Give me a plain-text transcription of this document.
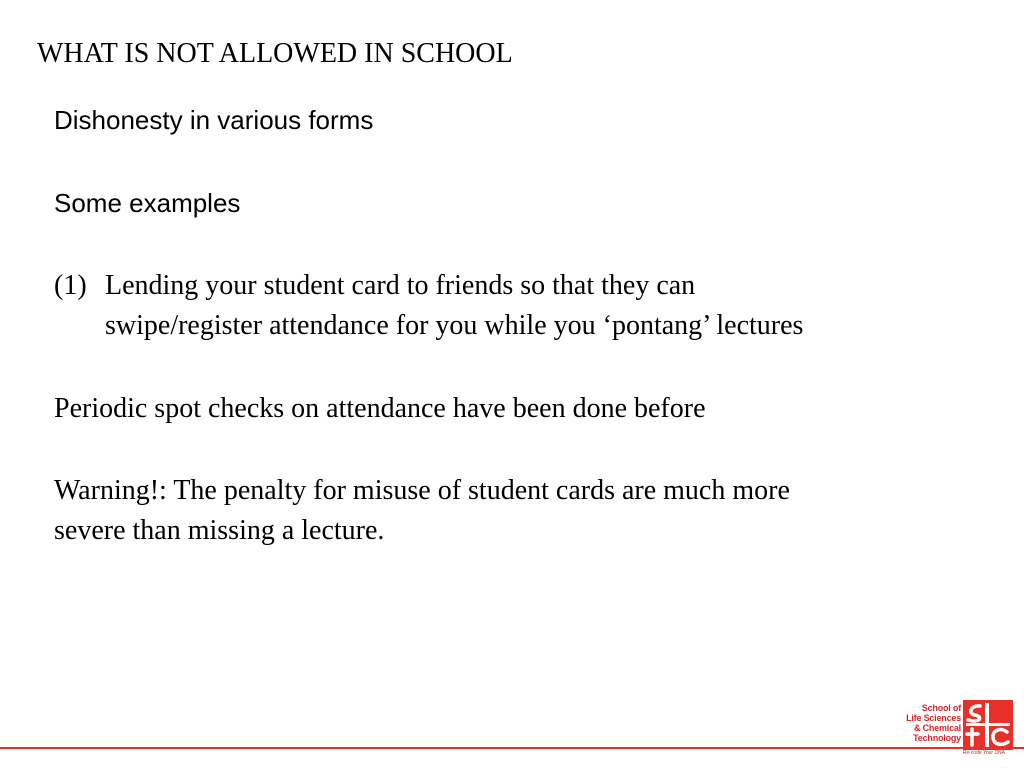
WHAT IS NOT ALLOWED IN SCHOOL

Dishonesty in various forms

Some examples

(1) Lending your student card to friends so that they can
swipe/register attendance for you while you ‘pontang’ lectures

Periodic spot checks on attendance have been done before

Warning!: The penalty for misuse of student cards are much more
severe than missing a lecture.
School of
Life Sciences
& Chemical
Technology
Re-code Your DNA
